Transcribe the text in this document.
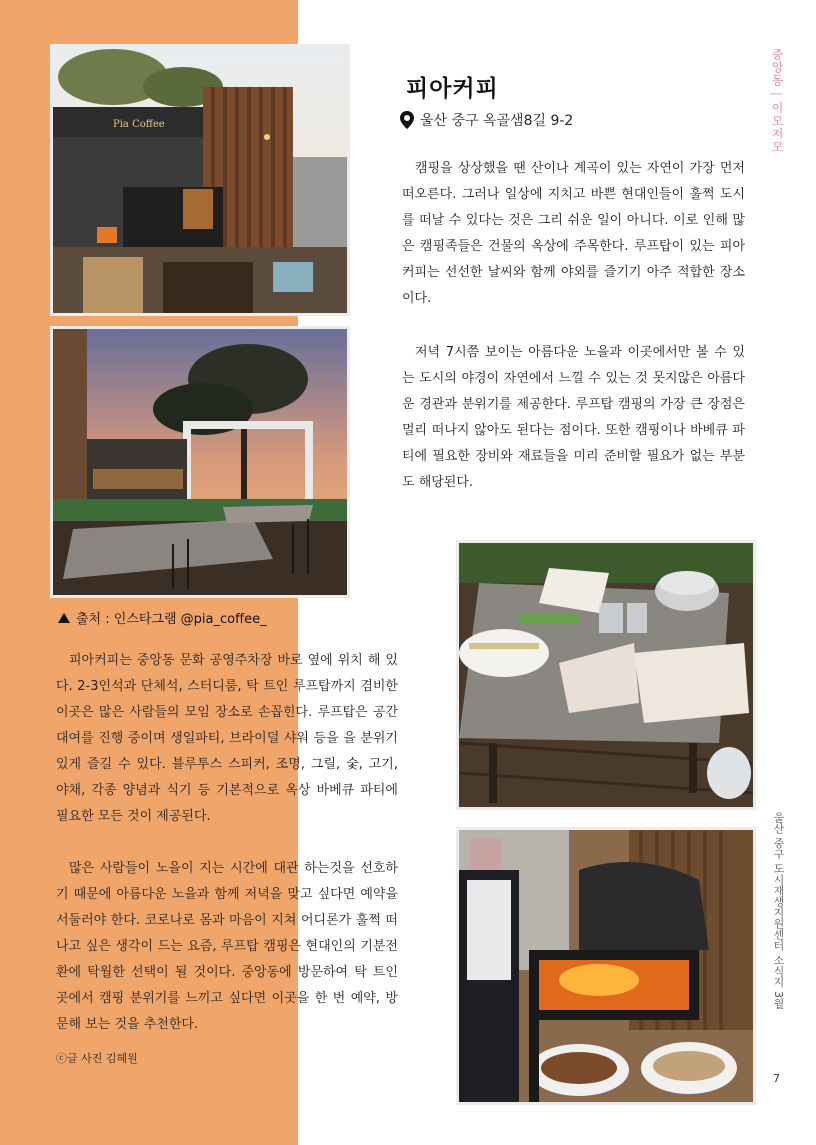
Pia Coffee
피아커피
울산 중구 옥골샘8길 9-2

캠핑을 상상했을 땐 산이나 계곡이 있는 자연이 가장 먼저 떠오른다. 그러나 일상에 지치고 바쁜 현대인들이 훌쩍 도시를 떠날 수 있다는 것은 그리 쉬운 일이 아니다. 이로 인해 많은 캠핑족들은 건물의 옥상에 주목한다. 루프탑이 있는 피아커피는 선선한 날씨와 함께 야외를 즐기기 아주 적합한 장소이다.

저녁 7시쯤 보이는 아름다운 노을과 이곳에서만 볼 수 있는 도시의 야경이 자연에서 느낄 수 있는 것 못지않은 아름다운 경관과 분위기를 제공한다. 루프탑 캠핑의 가장 큰 장점은 멀리 떠나지 않아도 된다는 점이다. 또한 캠핑이나 바베큐 파티에 필요한 장비와 재료들을 미리 준비할 필요가 없는 부분도 해당된다.

출처 : 인스타그램 @pia_coffee_

피아커피는 중앙동 문화 공영주차장 바로 옆에 위치 해 있다. 2-3인석과 단체석, 스터디룸, 탁 트인 루프탑까지 겸비한 이곳은 많은 사람들의 모임 장소로 손꼽힌다. 루프탑은 공간 대여를 진행 중이며 생일파티, 브라이덜 샤워 등을 을 분위기 있게 즐길 수 있다. 블루투스 스피커, 조명, 그릴, 숯, 고기, 야채, 각종 양념과 식기 등 기본적으로 옥상 바베큐 파티에 필요한 모든 것이 제공된다.

많은 사람들이 노을이 지는 시간에 대관 하는것을 선호하기 때문에 아름다운 노을과 함께 저녁을 맞고 싶다면 예약을 서둘러야 한다. 코로나로 몸과 마음이 지쳐 어디론가 훌쩍 떠나고 싶은 생각이 드는 요즘, 루프탑 캠핑은 현대인의 기분전환에 탁월한 선택이 될 것이다. 중앙동에 방문하여 탁 트인 곳에서 캠핑 분위기를 느끼고 싶다면 이곳을 한 번 예약, 방문해 보는 것을 추천한다.

ⓒ글 사진 김혜원
중앙동 | 이모저모
울산 중구 도시재생지원센터 소식지 3월
7
